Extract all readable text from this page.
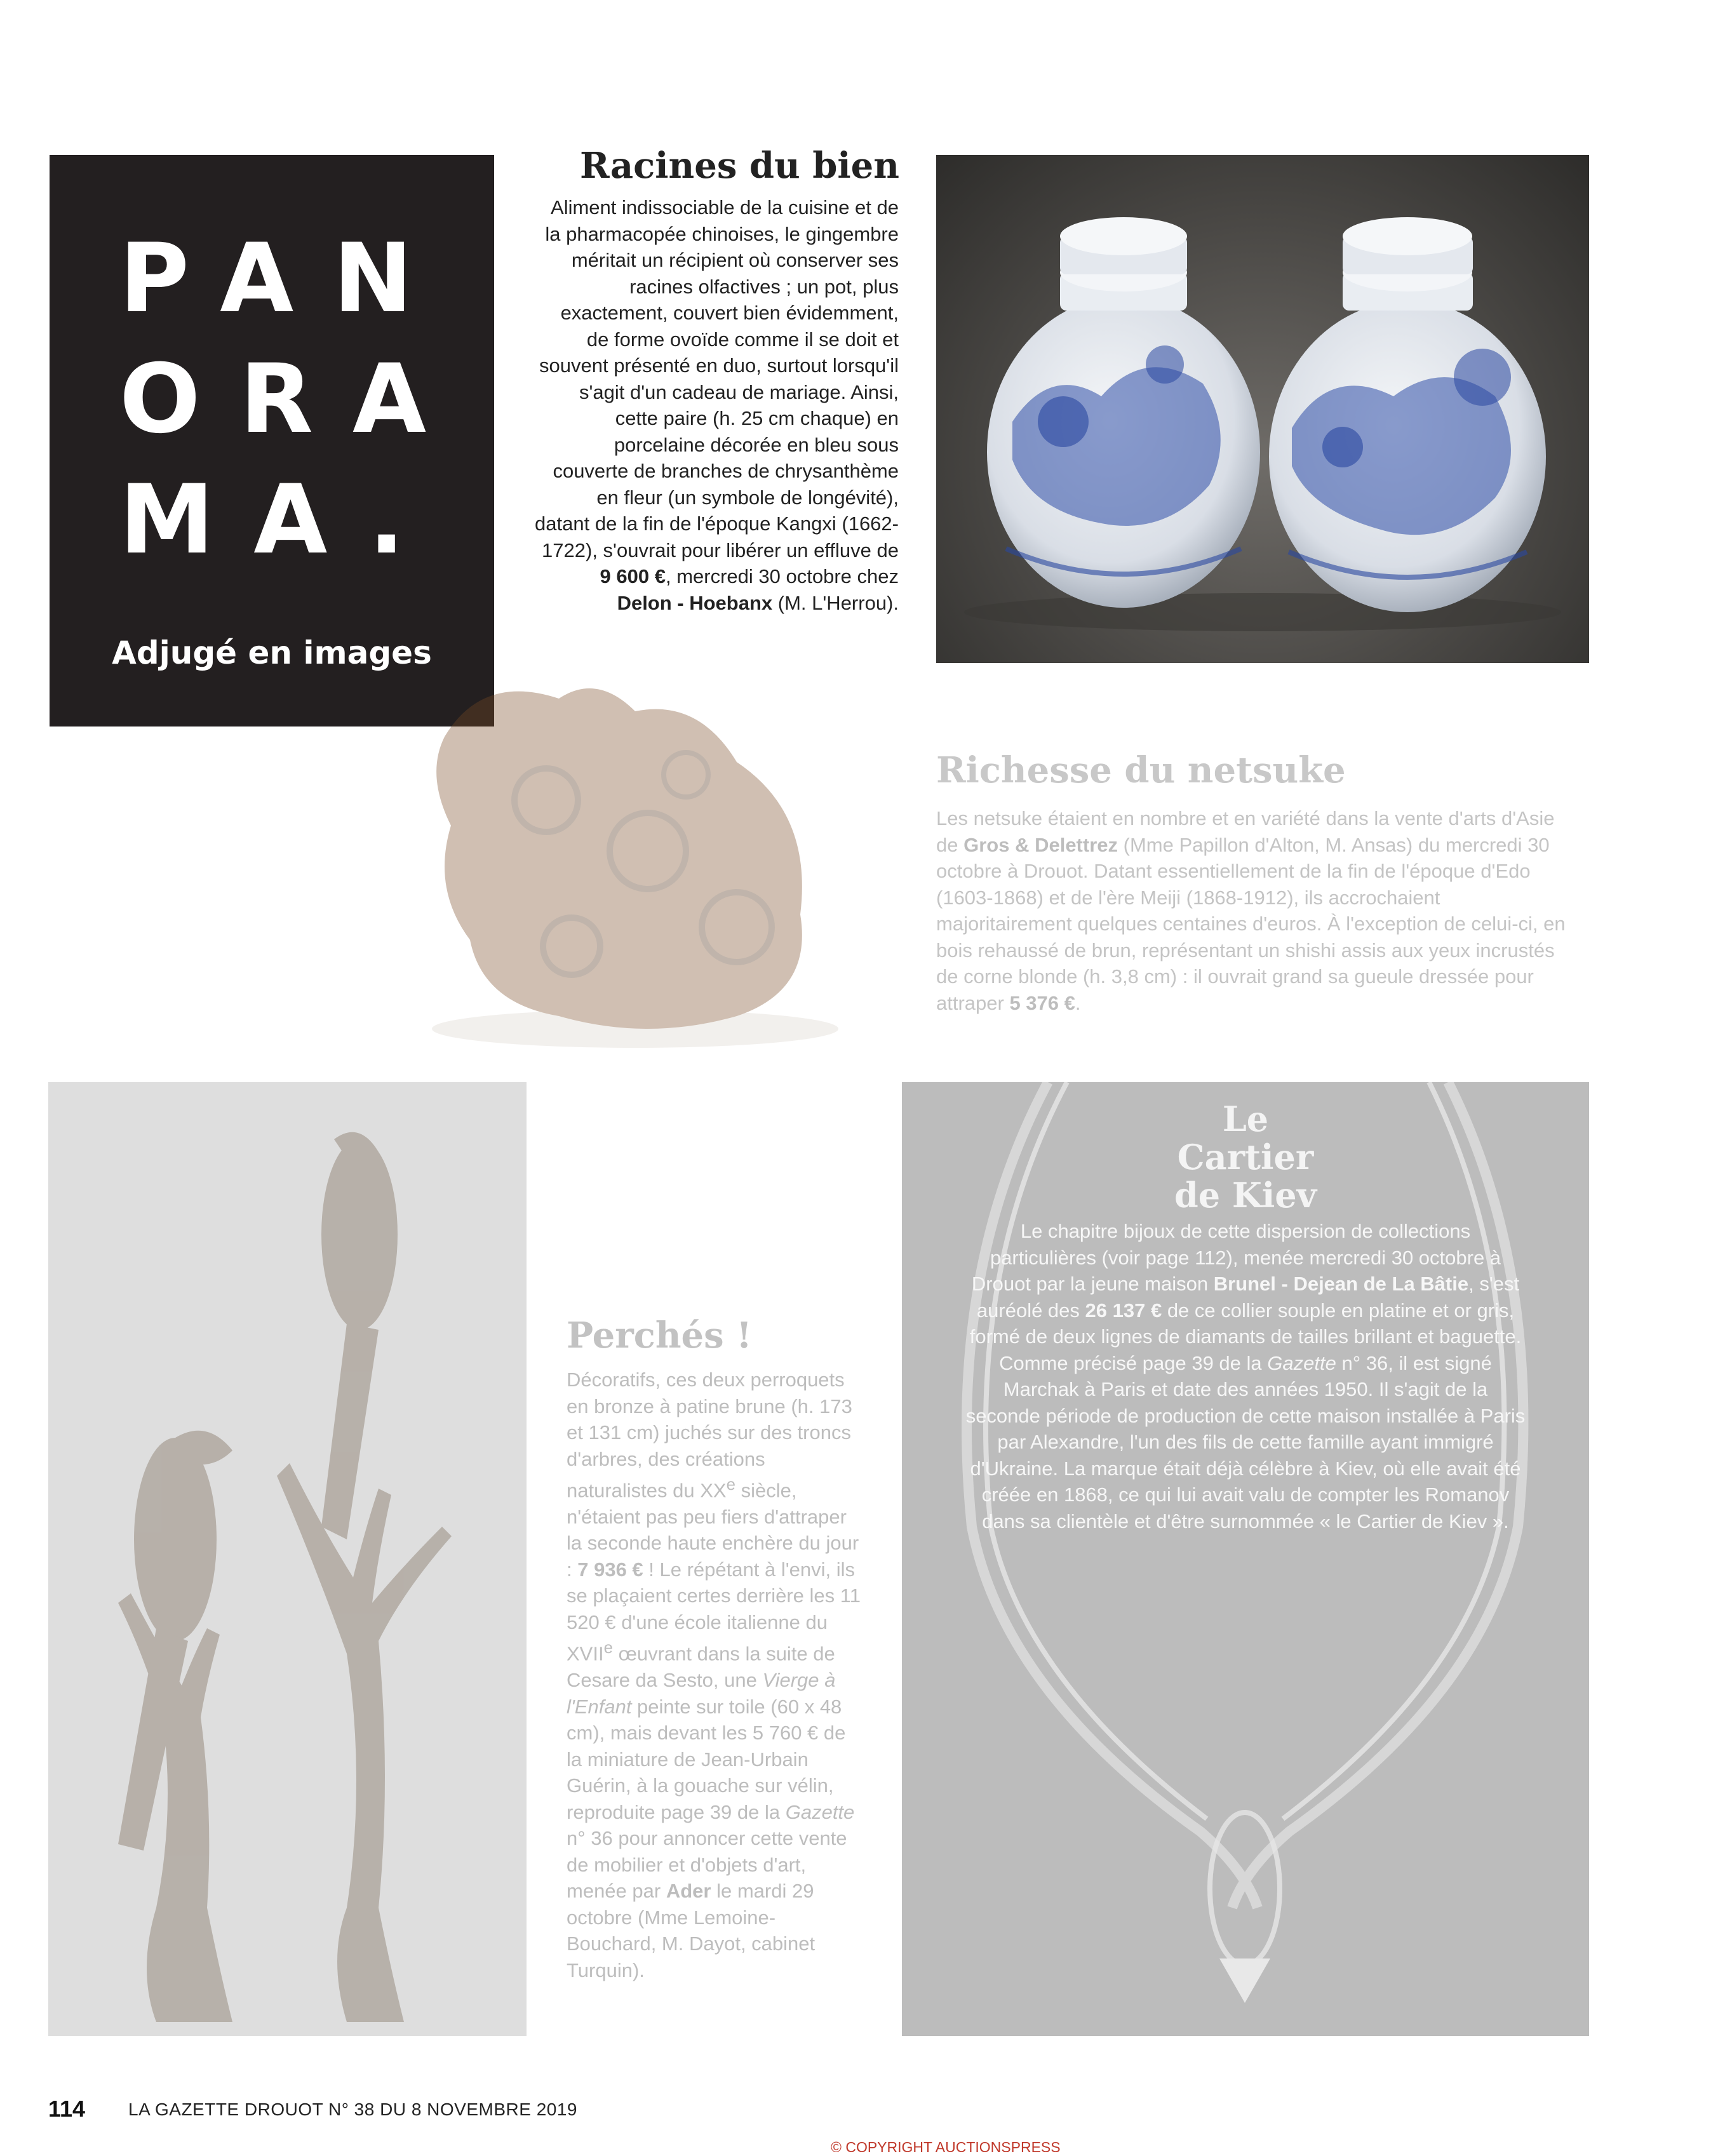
PAN
ORA
MA.
Adjugé en images
Racines du bien

Aliment indissociable de la cuisine et de

la pharmacopée chinoises, le gingembre

méritait un récipient où conserver ses

racines olfactives ; un pot, plus

exactement, couvert bien évidemment,

de forme ovoïde comme il se doit et

souvent présenté en duo, surtout lorsqu'il

s'agit d'un cadeau de mariage. Ainsi,

cette paire (h. 25 cm chaque) en

porcelaine décorée en bleu sous

couverte de branches de chrysanthème

en fleur (un symbole de longévité),

datant de la fin de l'époque Kangxi (1662-

1722), s'ouvrait pour libérer un effluve de

9 600 €, mercredi 30 octobre chez

Delon - Hoebanx (M. L'Herrou).

Richesse du netsuke
Les netsuke étaient en nombre et en variété dans la vente d'arts d'Asie de Gros & Delettrez (Mme Papillon d'Alton, M. Ansas) du mercredi 30 octobre à Drouot. Datant essentiellement de la fin de l'époque d'Edo (1603-1868) et de l'ère Meiji (1868-1912), ils accrochaient majoritairement quelques centaines d'euros. À l'exception de celui-ci, en bois rehaussé de brun, représentant un shishi assis aux yeux incrustés de corne blonde (h. 3,8 cm) : il ouvrait grand sa gueule dressée pour attraper 5 376 €.
Perchés !
Décoratifs, ces deux perroquets en bronze à patine brune (h. 173 et 131 cm) juchés sur des troncs d'arbres, des créations naturalistes du XXe siècle, n'étaient pas peu fiers d'attraper la seconde haute enchère du jour : 7 936 € ! Le répétant à l'envi, ils se plaçaient certes derrière les 11 520 € d'une école italienne du XVIIe œuvrant dans la suite de Cesare da Sesto, une Vierge à l'Enfant peinte sur toile (60 x 48 cm), mais devant les 5 760 € de la miniature de Jean-Urbain Guérin, à la gouache sur vélin, reproduite page 39 de la Gazette n° 36 pour annoncer cette vente de mobilier et d'objets d'art, menée par Ader le mardi 29 octobre (Mme Lemoine-Bouchard, M. Dayot, cabinet Turquin).
Le
Cartier
de Kiev
Le chapitre bijoux de cette dispersion de collections particulières (voir page 112), menée mercredi 30 octobre à Drouot par la jeune maison Brunel - Dejean de La Bâtie, s'est auréolé des 26 137 € de ce collier souple en platine et or gris, formé de deux lignes de diamants de tailles brillant et baguette. Comme précisé page 39 de la Gazette n° 36, il est signé Marchak à Paris et date des années 1950. Il s'agit de la seconde période de production de cette maison installée à Paris par Alexandre, l'un des fils de cette famille ayant immigré d'Ukraine. La marque était déjà célèbre à Kiev, où elle avait été créée en 1868, ce qui lui avait valu de compter les Romanov dans sa clientèle et d'être surnommée « le Cartier de Kiev ».
114 LA GAZETTE DROUOT N° 38 DU 8 NOVEMBRE 2019
© COPYRIGHT AUCTIONSPRESS
